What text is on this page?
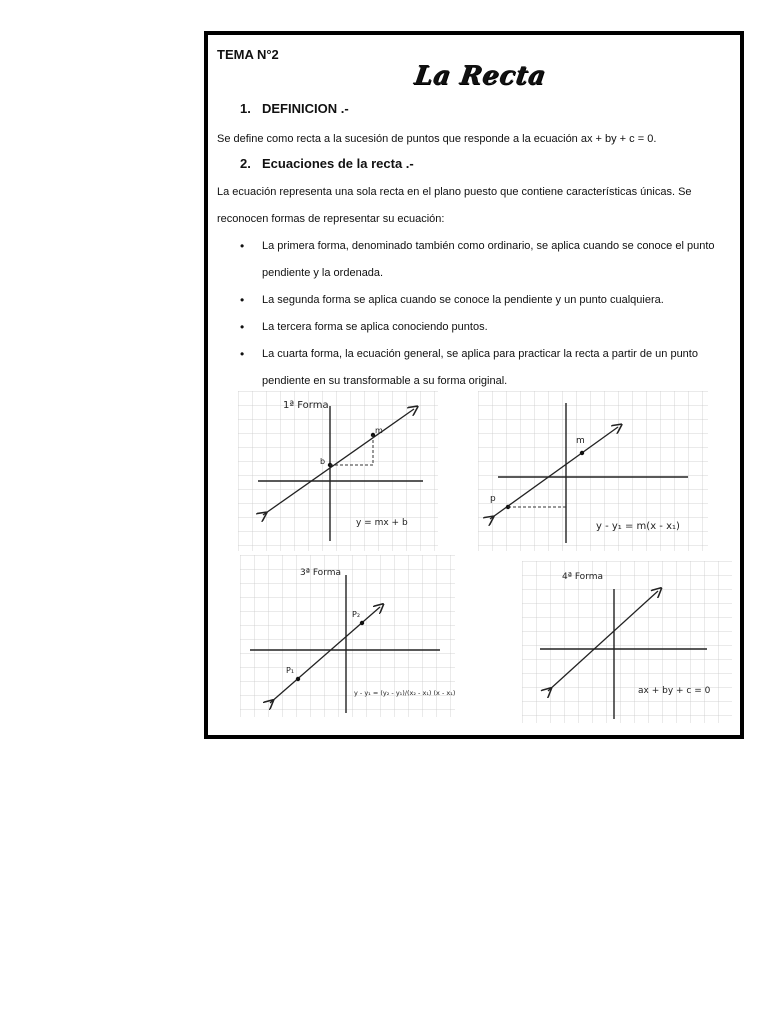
TEMA N°2
La Recta
1. DEFINICION .-
Se define como recta a la sucesión de puntos que responde a la ecuación ax + by + c = 0.
2. Ecuaciones de la recta .-
La ecuación representa una sola recta en el plano puesto que contiene características únicas. Se reconocen formas de representar su ecuación:
• La primera forma, denominado también como ordinario, se aplica cuando se conoce el punto pendiente y la ordenada.
• La segunda forma se aplica cuando se conoce la pendiente y un punto cualquiera.
• La tercera forma se aplica conociendo puntos.
• La cuarta forma, la ecuación general, se aplica para practicar la recta a partir de un punto pendiente en su transformable a su forma original.
1ª Forma
b
m
y = mx + b
m
p
y - y₁ = m(x - x₁)
3ª Forma
P₂
P₁
y - y₁ = (y₂ - y₁)/(x₂ - x₁) (x - x₁)
4ª Forma
ax + by + c = 0
